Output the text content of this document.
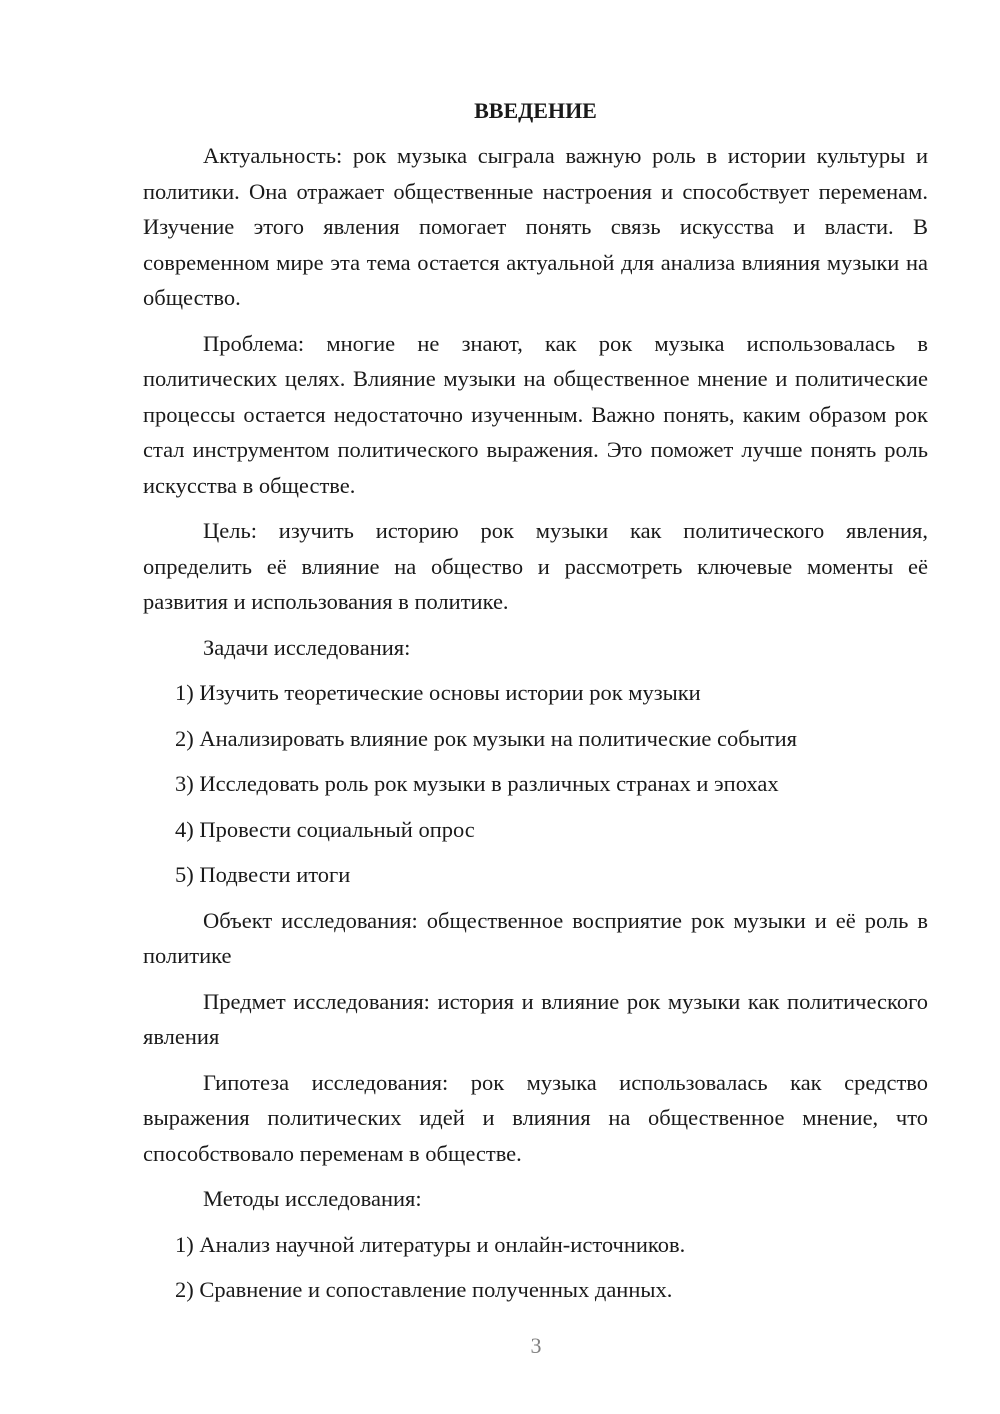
ВВЕДЕНИЕ
Актуальность: рок музыка сыграла важную роль в истории культуры и политики. Она отражает общественные настроения и способствует переменам. Изучение этого явления помогает понять связь искусства и власти. В современном мире эта тема остается актуальной для анализа влияния музыки на общество.
Проблема: многие не знают, как рок музыка использовалась в политических целях. Влияние музыки на общественное мнение и политические процессы остается недостаточно изученным. Важно понять, каким образом рок стал инструментом политического выражения. Это поможет лучше понять роль искусства в обществе.
Цель: изучить историю рок музыки как политического явления, определить её влияние на общество и рассмотреть ключевые моменты её развития и использования в политике.
Задачи исследования:
1) Изучить теоретические основы истории рок музыки
2) Анализировать влияние рок музыки на политические события
3) Исследовать роль рок музыки в различных странах и эпохах
4) Провести социальный опрос
5) Подвести итоги
Объект исследования: общественное восприятие рок музыки и её роль в политике
Предмет исследования: история и влияние рок музыки как политического явления
Гипотеза исследования: рок музыка использовалась как средство выражения политических идей и влияния на общественное мнение, что способствовало переменам в обществе.
Методы исследования:
1) Анализ научной литературы и онлайн-источников.
2) Сравнение и сопоставление полученных данных.
3
